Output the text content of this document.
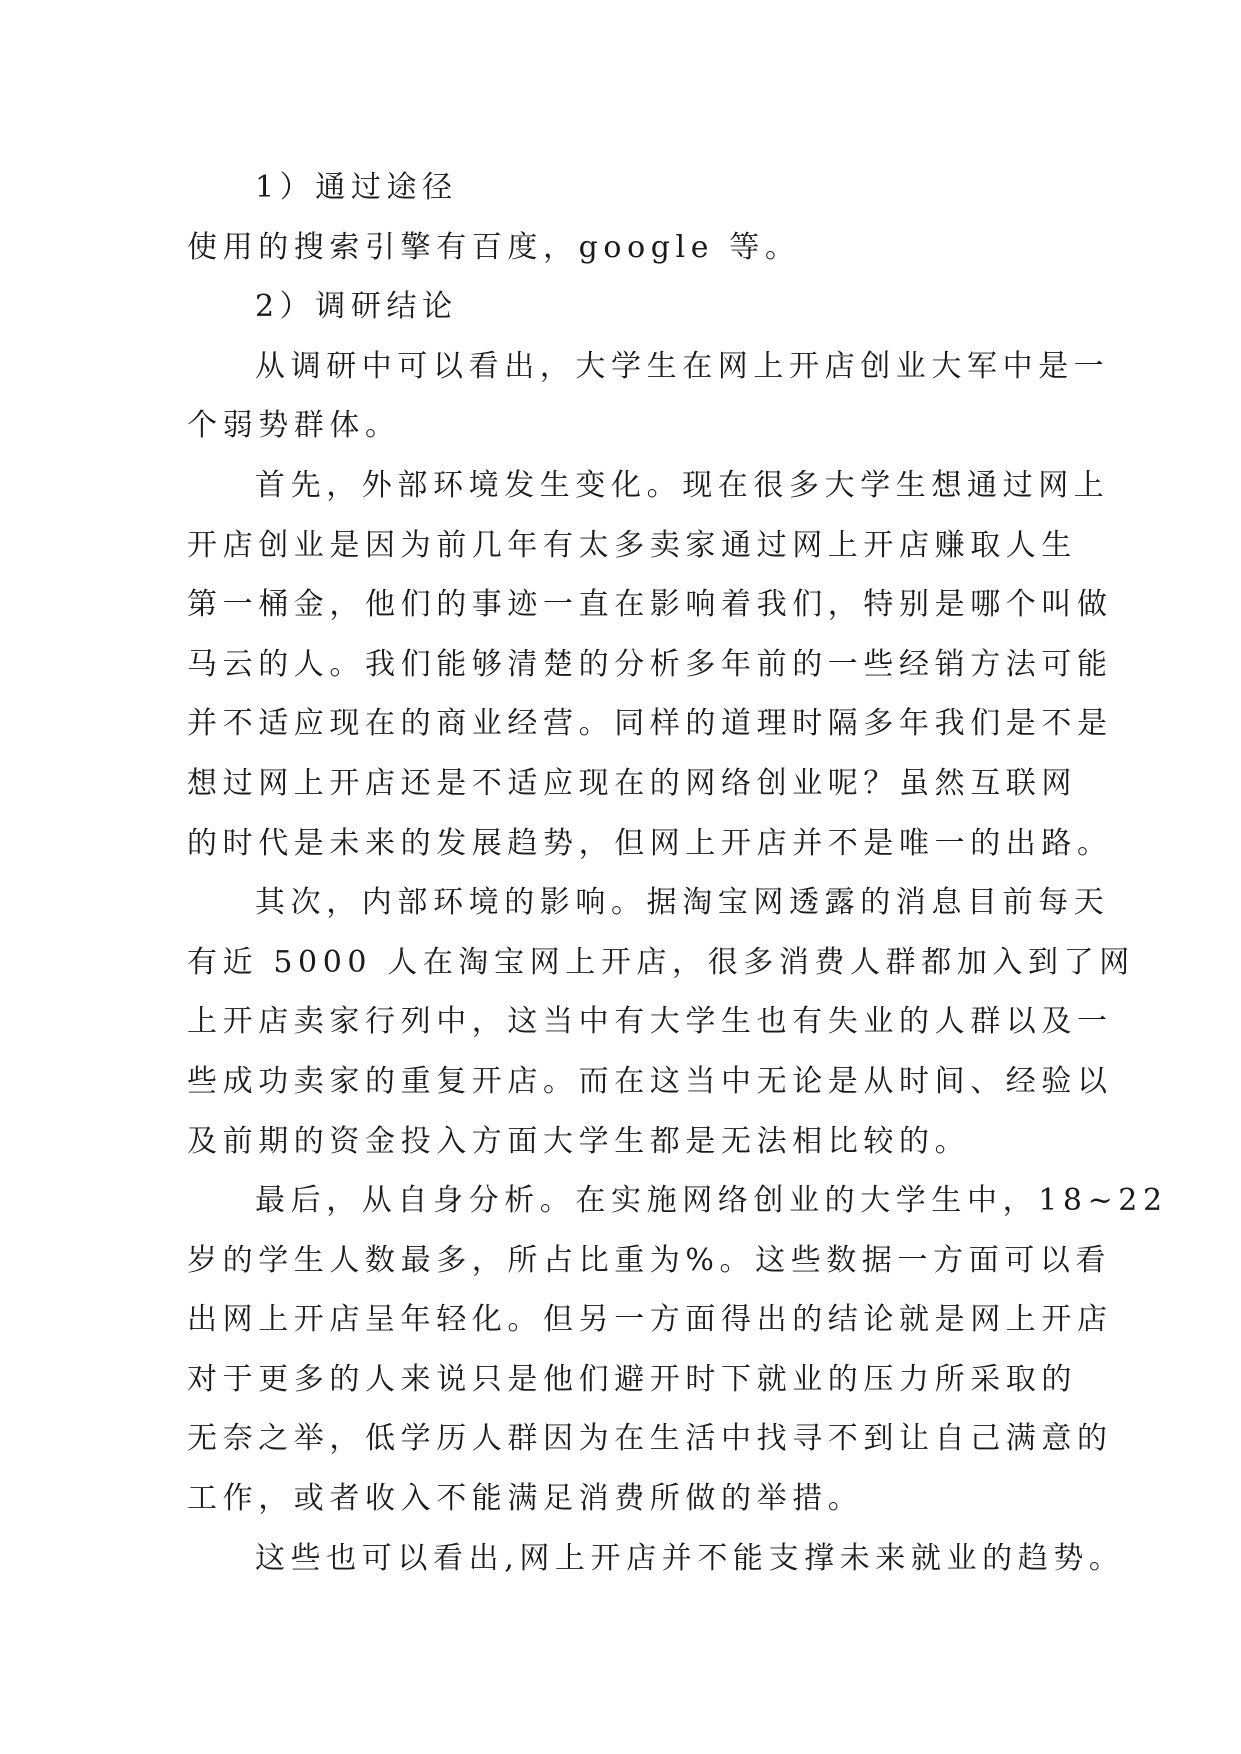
1）通过途径

使用的搜索引擎有百度，google 等。

2）调研结论

从调研中可以看出，大学生在网上开店创业大军中是一
个弱势群体。

首先，外部环境发生变化。现在很多大学生想通过网上
开店创业是因为前几年有太多卖家通过网上开店赚取人生
第一桶金，他们的事迹一直在影响着我们，特别是哪个叫做
马云的人。我们能够清楚的分析多年前的一些经销方法可能
并不适应现在的商业经营。同样的道理时隔多年我们是不是
想过网上开店还是不适应现在的网络创业呢？虽然互联网
的时代是未来的发展趋势，但网上开店并不是唯一的出路。

其次，内部环境的影响。据淘宝网透露的消息目前每天
有近 5000 人在淘宝网上开店，很多消费人群都加入到了网
上开店卖家行列中，这当中有大学生也有失业的人群以及一
些成功卖家的重复开店。而在这当中无论是从时间、经验以
及前期的资金投入方面大学生都是无法相比较的。

最后，从自身分析。在实施网络创业的大学生中，18~22
岁的学生人数最多，所占比重为%。这些数据一方面可以看
出网上开店呈年轻化。但另一方面得出的结论就是网上开店
对于更多的人来说只是他们避开时下就业的压力所采取的
无奈之举，低学历人群因为在生活中找寻不到让自己满意的
工作，或者收入不能满足消费所做的举措。

这些也可以看出,网上开店并不能支撑未来就业的趋势。
